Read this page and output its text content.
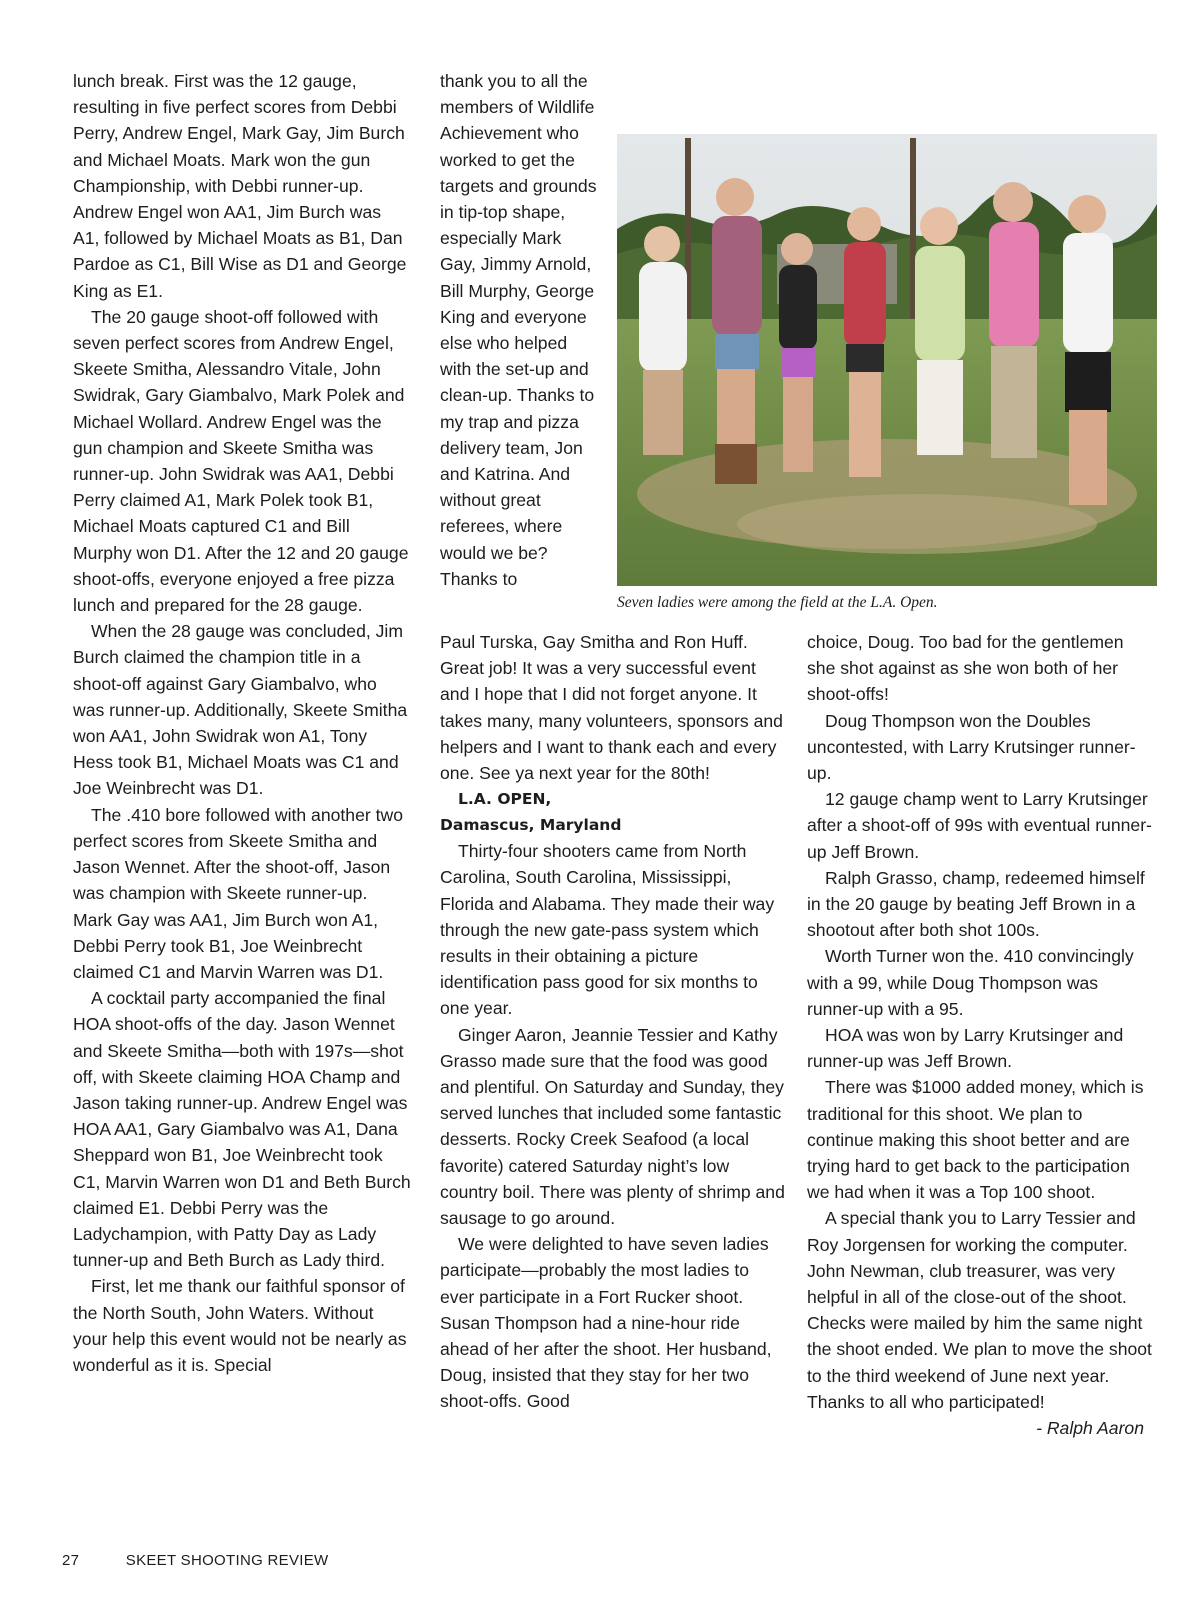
lunch break. First was the 12 gauge, resulting in five perfect scores from Debbi Perry, Andrew Engel, Mark Gay, Jim Burch and Michael Moats. Mark won the gun Championship, with Debbi runner-up. Andrew Engel won AA1, Jim Burch was A1, followed by Michael Moats as B1, Dan Pardoe as C1, Bill Wise as D1 and George King as E1.

The 20 gauge shoot-off followed with seven perfect scores from Andrew Engel, Skeete Smitha, Alessandro Vitale, John Swidrak, Gary Giambalvo, Mark Polek and Michael Wollard. Andrew Engel was the gun champion and Skeete Smitha was runner-up. John Swidrak was AA1, Debbi Perry claimed A1, Mark Polek took B1, Michael Moats captured C1 and Bill Murphy won D1. After the 12 and 20 gauge shoot-offs, everyone enjoyed a free pizza lunch and prepared for the 28 gauge.

When the 28 gauge was concluded, Jim Burch claimed the champion title in a shoot-off against Gary Giambalvo, who was runner-up. Additionally, Skeete Smitha won AA1, John Swidrak won A1, Tony Hess took B1, Michael Moats was C1 and Joe Weinbrecht was D1.

The .410 bore followed with another two perfect scores from Skeete Smitha and Jason Wennet. After the shoot-off, Jason was champion with Skeete runner-up. Mark Gay was AA1, Jim Burch won A1, Debbi Perry took B1, Joe Weinbrecht claimed C1 and Marvin Warren was D1.

A cocktail party accompanied the final HOA shoot-offs of the day. Jason Wennet and Skeete Smitha—both with 197s—shot off, with Skeete claiming HOA Champ and Jason taking runner-up. Andrew Engel was HOA AA1, Gary Giambalvo was A1, Dana Sheppard won B1, Joe Weinbrecht took C1, Marvin Warren won D1 and Beth Burch claimed E1. Debbi Perry was the Ladychampion, with Patty Day as Lady tunner-up and Beth Burch as Lady third.

First, let me thank our faithful sponsor of the North South, John Waters. Without your help this event would not be nearly as wonderful as it is. Special

thank you to all the members of Wildlife Achievement who worked to get the targets and grounds in tip-top shape, especially Mark Gay, Jimmy Arnold, Bill Murphy, George King and everyone else who helped with the set-up and clean-up. Thanks to my trap and pizza delivery team, Jon and Katrina. And without great referees, where would we be? Thanks to

Seven ladies were among the field at the L.A. Open.

Paul Turska, Gay Smitha and Ron Huff. Great job! It was a very successful event and I hope that I did not forget anyone. It takes many, many volunteers, sponsors and helpers and I want to thank each and every one. See ya next year for the 80th!

L.A. OPEN,
Damascus, Maryland

Thirty-four shooters came from North Carolina, South Carolina, Mississippi, Florida and Alabama. They made their way through the new gate-pass system which results in their obtaining a picture identification pass good for six months to one year.

Ginger Aaron, Jeannie Tessier and Kathy Grasso made sure that the food was good and plentiful. On Saturday and Sunday, they served lunches that included some fantastic desserts. Rocky Creek Seafood (a local favorite) catered Saturday night’s low country boil. There was plenty of shrimp and sausage to go around.

We were delighted to have seven ladies participate—probably the most ladies to ever participate in a Fort Rucker shoot. Susan Thompson had a nine-hour ride ahead of her after the shoot. Her husband, Doug, insisted that they stay for her two shoot-offs. Good

choice, Doug. Too bad for the gentlemen she shot against as she won both of her shoot-offs!

Doug Thompson won the Doubles uncontested, with Larry Krutsinger runner-up.

12 gauge champ went to Larry Krutsinger after a shoot-off of 99s with eventual runner-up Jeff Brown.

Ralph Grasso, champ, redeemed himself in the 20 gauge by beating Jeff Brown in a shootout after both shot 100s.

Worth Turner won the. 410 convincingly with a 99, while Doug Thompson was runner-up with a 95.

HOA was won by Larry Krutsinger and runner-up was Jeff Brown.

There was $1000 added money, which is traditional for this shoot. We plan to continue making this shoot better and are trying hard to get back to the participation we had when it was a Top 100 shoot.

A special thank you to Larry Tessier and Roy Jorgensen for working the computer. John Newman, club treasurer, was very helpful in all of the close-out of the shoot. Checks were mailed by him the same night the shoot ended. We plan to move the shoot to the third weekend of June next year. Thanks to all who participated!

- Ralph Aaron

27	SKEET SHOOTING REVIEW
